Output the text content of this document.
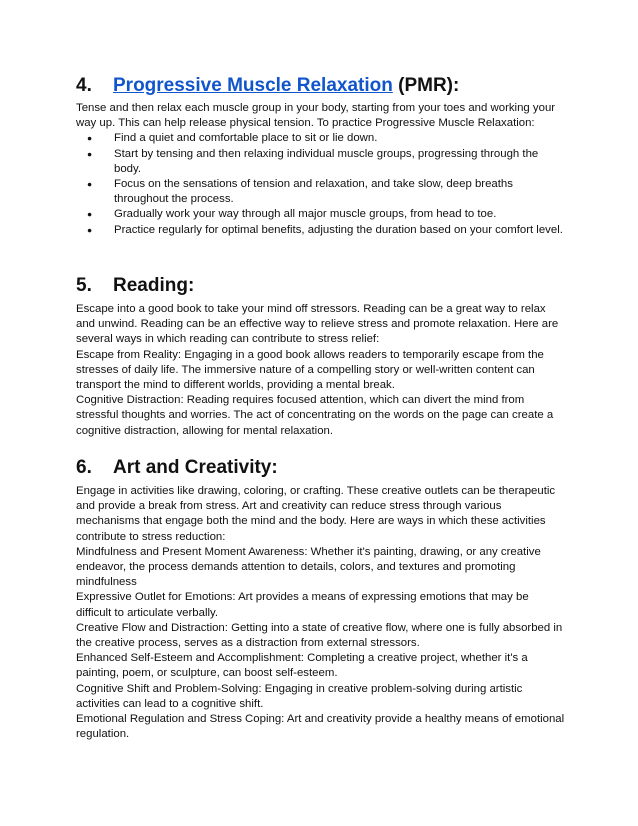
4.	Progressive Muscle Relaxation (PMR):

Tense and then relax each muscle group in your body, starting from your toes and working your way up. This can help release physical tension. To practice Progressive Muscle Relaxation:

● Find a quiet and comfortable place to sit or lie down.
● Start by tensing and then relaxing individual muscle groups, progressing through the body.
● Focus on the sensations of tension and relaxation, and take slow, deep breaths throughout the process.
● Gradually work your way through all major muscle groups, from head to toe.
● Practice regularly for optimal benefits, adjusting the duration based on your comfort level.
5.	Reading:

Escape into a good book to take your mind off stressors. Reading can be a great way to relax and unwind. Reading can be an effective way to relieve stress and promote relaxation. Here are several ways in which reading can contribute to stress relief:

Escape from Reality: Engaging in a good book allows readers to temporarily escape from the stresses of daily life. The immersive nature of a compelling story or well-written content can transport the mind to different worlds, providing a mental break.

Cognitive Distraction: Reading requires focused attention, which can divert the mind from stressful thoughts and worries. The act of concentrating on the words on the page can create a cognitive distraction, allowing for mental relaxation.

6.	Art and Creativity:

Engage in activities like drawing, coloring, or crafting. These creative outlets can be therapeutic and provide a break from stress. Art and creativity can reduce stress through various mechanisms that engage both the mind and the body. Here are ways in which these activities contribute to stress reduction:

Mindfulness and Present Moment Awareness: Whether it's painting, drawing, or any creative endeavor, the process demands attention to details, colors, and textures and promoting mindfulness

Expressive Outlet for Emotions: Art provides a means of expressing emotions that may be difficult to articulate verbally.

Creative Flow and Distraction: Getting into a state of creative flow, where one is fully absorbed in the creative process, serves as a distraction from external stressors.

Enhanced Self-Esteem and Accomplishment: Completing a creative project, whether it's a painting, poem, or sculpture, can boost self-esteem.

Cognitive Shift and Problem-Solving: Engaging in creative problem-solving during artistic activities can lead to a cognitive shift.

Emotional Regulation and Stress Coping: Art and creativity provide a healthy means of emotional regulation.
